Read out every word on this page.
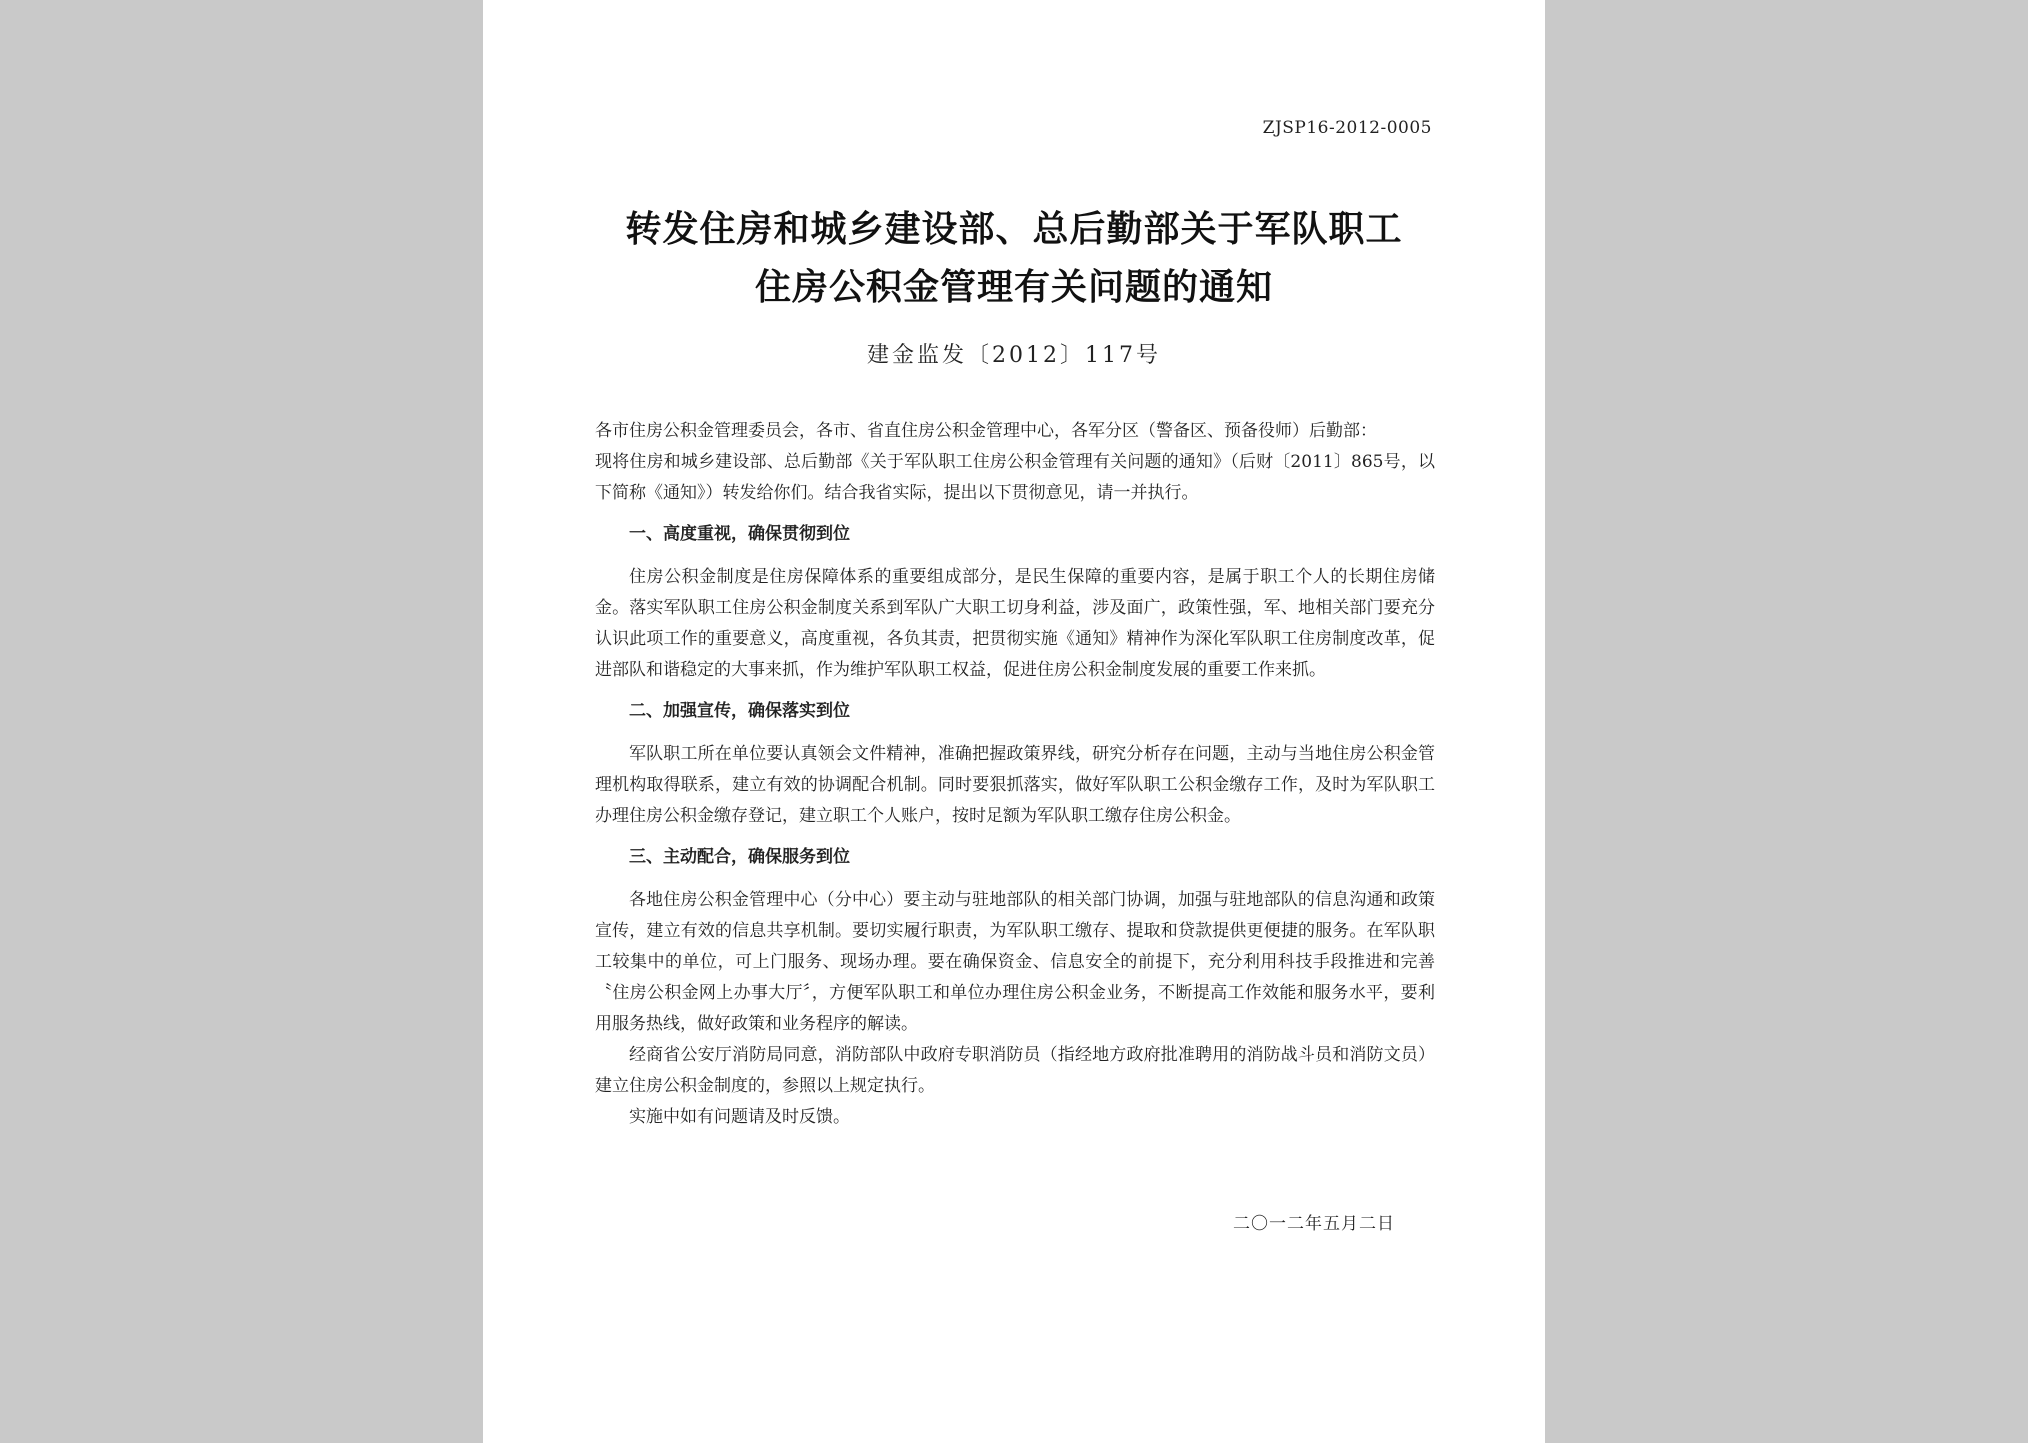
ZJSP16-2012-0005
转发住房和城乡建设部、总后勤部关于军队职工
住房公积金管理有关问题的通知
建金监发〔2012〕117号

各市住房公积金管理委员会，各市、省直住房公积金管理中心，各军分区（警备区、预备役师）后勤部：

现将住房和城乡建设部、总后勤部《关于军队职工住房公积金管理有关问题的通知》（后财〔2011〕865号，以下简称《通知》）转发给你们。结合我省实际，提出以下贯彻意见，请一并执行。

一、高度重视，确保贯彻到位

住房公积金制度是住房保障体系的重要组成部分，是民生保障的重要内容，是属于职工个人的长期住房储金。落实军队职工住房公积金制度关系到军队广大职工切身利益，涉及面广，政策性强，军、地相关部门要充分认识此项工作的重要意义，高度重视，各负其责，把贯彻实施《通知》精神作为深化军队职工住房制度改革，促进部队和谐稳定的大事来抓，作为维护军队职工权益，促进住房公积金制度发展的重要工作来抓。

二、加强宣传，确保落实到位

军队职工所在单位要认真领会文件精神，准确把握政策界线，研究分析存在问题，主动与当地住房公积金管理机构取得联系，建立有效的协调配合机制。同时要狠抓落实，做好军队职工公积金缴存工作，及时为军队职工办理住房公积金缴存登记，建立职工个人账户，按时足额为军队职工缴存住房公积金。

三、主动配合，确保服务到位

各地住房公积金管理中心（分中心）要主动与驻地部队的相关部门协调，加强与驻地部队的信息沟通和政策宣传，建立有效的信息共享机制。要切实履行职责，为军队职工缴存、提取和贷款提供更便捷的服务。在军队职工较集中的单位，可上门服务、现场办理。要在确保资金、信息安全的前提下，充分利用科技手段推进和完善〝住房公积金网上办事大厅〞，方便军队职工和单位办理住房公积金业务，不断提高工作效能和服务水平，要利用服务热线，做好政策和业务程序的解读。

经商省公安厅消防局同意，消防部队中政府专职消防员（指经地方政府批准聘用的消防战斗员和消防文员）建立住房公积金制度的，参照以上规定执行。

实施中如有问题请及时反馈。

二〇一二年五月二日
